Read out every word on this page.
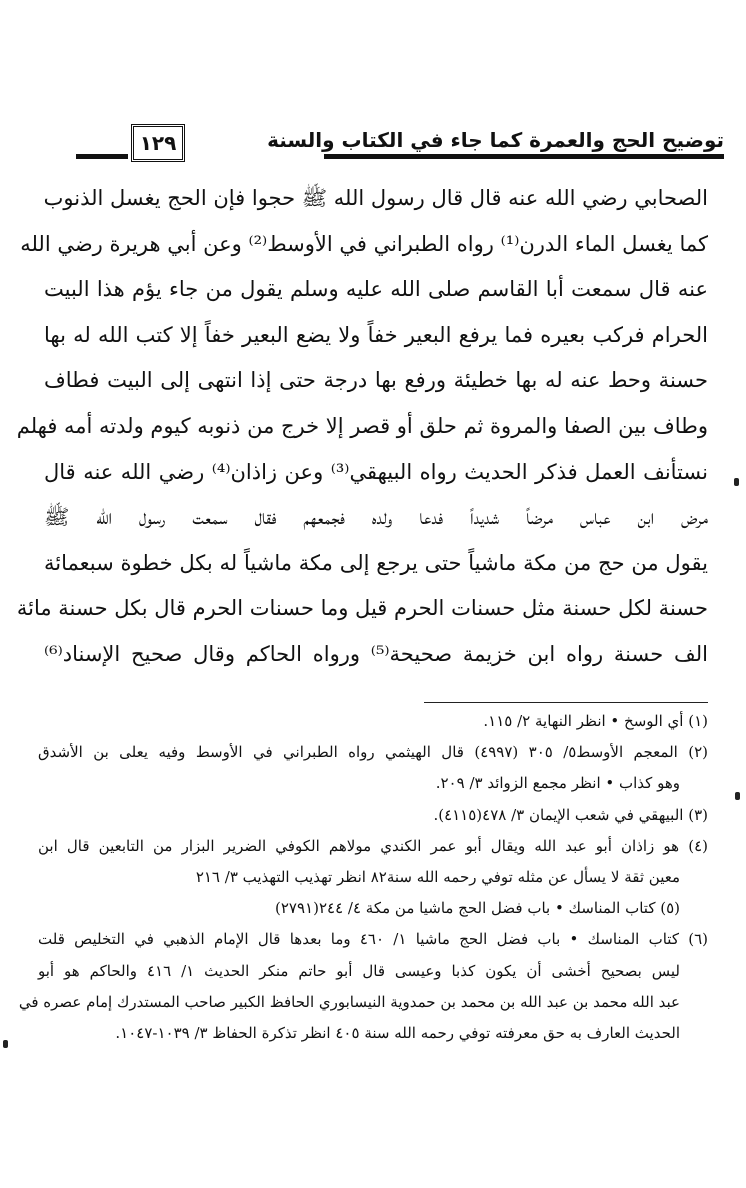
توضيح الحج والعمرة كما جاء في الكتاب والسنة
١٢٩
الصحابي رضي الله عنه قال قال رسول الله ﷺ حجوا فإن الحج يغسل الذنوب
كما يغسل الماء الدرن⁽¹⁾ رواه الطبراني في الأوسط⁽²⁾ وعن أبي هريرة رضي الله
عنه قال سمعت أبا القاسم صلى الله عليه وسلم يقول من جاء يؤم هذا البيت
الحرام فركب بعيره فما يرفع البعير خفاً ولا يضع البعير خفاً إلا كتب الله له بها
حسنة وحط عنه له بها خطيئة ورفع بها درجة حتى إذا انتهى إلى البيت فطاف
وطاف بين الصفا والمروة ثم حلق أو قصر إلا خرج من ذنوبه كيوم ولدته أمه فهلم
نستأنف العمل فذكر الحديث رواه البيهقي⁽³⁾ وعن زاذان⁽⁴⁾ رضي الله عنه قال
مرض ابن عباس مرضاً شديداً فدعا ولده فجمعهم فقال سمعت رسول الله ﷺ
يقول من حج من مكة ماشياً حتى يرجع إلى مكة ماشياً له بكل خطوة سبعمائة
حسنة لكل حسنة مثل حسنات الحرم قيل وما حسنات الحرم قال بكل حسنة مائة
الف حسنة رواه ابن خزيمة صحيحة⁽⁵⁾ ورواه الحاكم وقال صحيح الإسناد⁽⁶⁾
(١) أي الوسخ • انظر النهاية ٢/ ١١٥.
(٢) المعجم الأوسط٥/ ٣٠٥ (٤٩٩٧) قال الهيثمي رواه الطبراني في الأوسط وفيه يعلى بن الأشدق
وهو كذاب • انظر مجمع الزوائد ٣/ ٢٠٩.
(٣) البيهقي في شعب الإيمان ٣/ ٤٧٨(٤١١٥).
(٤) هو زاذان أبو عبد الله ويقال أبو عمر الكندي مولاهم الكوفي الضرير البزار من التابعين قال ابن
معين ثقة لا يسأل عن مثله توفي رحمه الله سنة٨٢ انظر تهذيب التهذيب ٣/ ٢١٦
(٥) كتاب المناسك • باب فضل الحج ماشيا من مكة ٤/ ٢٤٤(٢٧٩١)
(٦) كتاب المناسك • باب فضل الحج ماشيا ١/ ٤٦٠ وما بعدها قال الإمام الذهبي في التخليص قلت
ليس بصحيح أخشى أن يكون كذبا وعيسى قال أبو حاتم منكر الحديث ١/ ٤١٦ والحاكم هو أبو
عبد الله محمد بن عبد الله بن محمد بن حمدوية النيسابوري الحافظ الكبير صاحب المستدرك إمام عصره في
الحديث العارف به حق معرفته توفي رحمه الله سنة ٤٠٥ انظر تذكرة الحفاظ ٣/ ١٠٣٩-١٠٤٧.
